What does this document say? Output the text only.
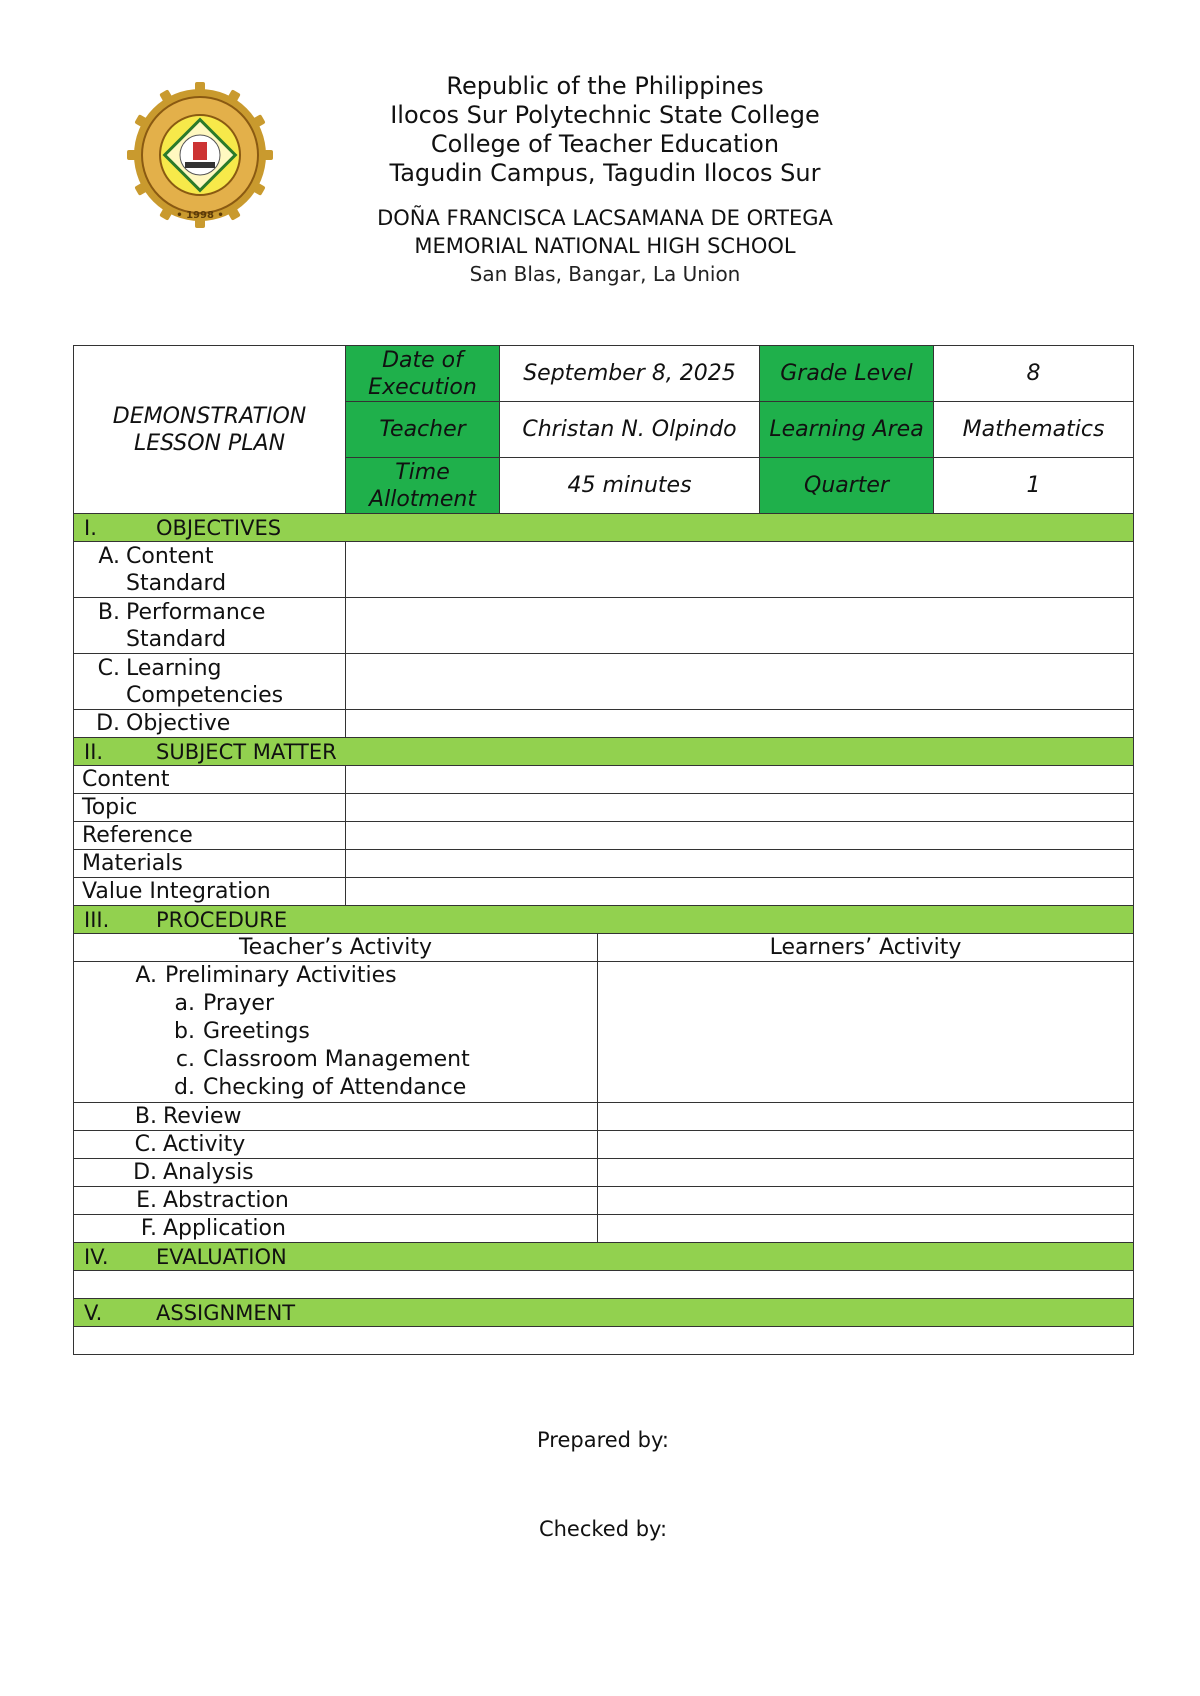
• 1998 •
Republic of the Philippines
Ilocos Sur Polytechnic State College
College of Teacher Education
Tagudin Campus, Tagudin Ilocos Sur
DOÑA FRANCISCA LACSAMANA DE ORTEGA
MEMORIAL NATIONAL HIGH SCHOOL
San Blas, Bangar, La Union
DEMONSTRATION
LESSON PLAN	Date of Execution	September 8, 2025		Grade Level	8
	Teacher	Christan N. Olpindo		Learning Area	Mathematics
	Time Allotment	45 minutes		Quarter	1
I. OBJECTIVES					
A. Content
Standard					
B. Performance
Standard					
C. Learning
Competencies					
D. Objective					
II. SUBJECT MATTER					
Content					
Topic					
Reference					
Materials					
Value Integration					
III. PROCEDURE					
Teacher’s Activity			Learners’ Activity		

A. Preliminary Activities
a. Prayer
b. Greetings
c. Classroom Management
d. Checking of Attendance					

B. Review					
C. Activity					
D. Analysis					
E. Abstraction					
F. Application					
IV. EVALUATION					

V. ASSIGNMENT					

Prepared by:
Checked by:
